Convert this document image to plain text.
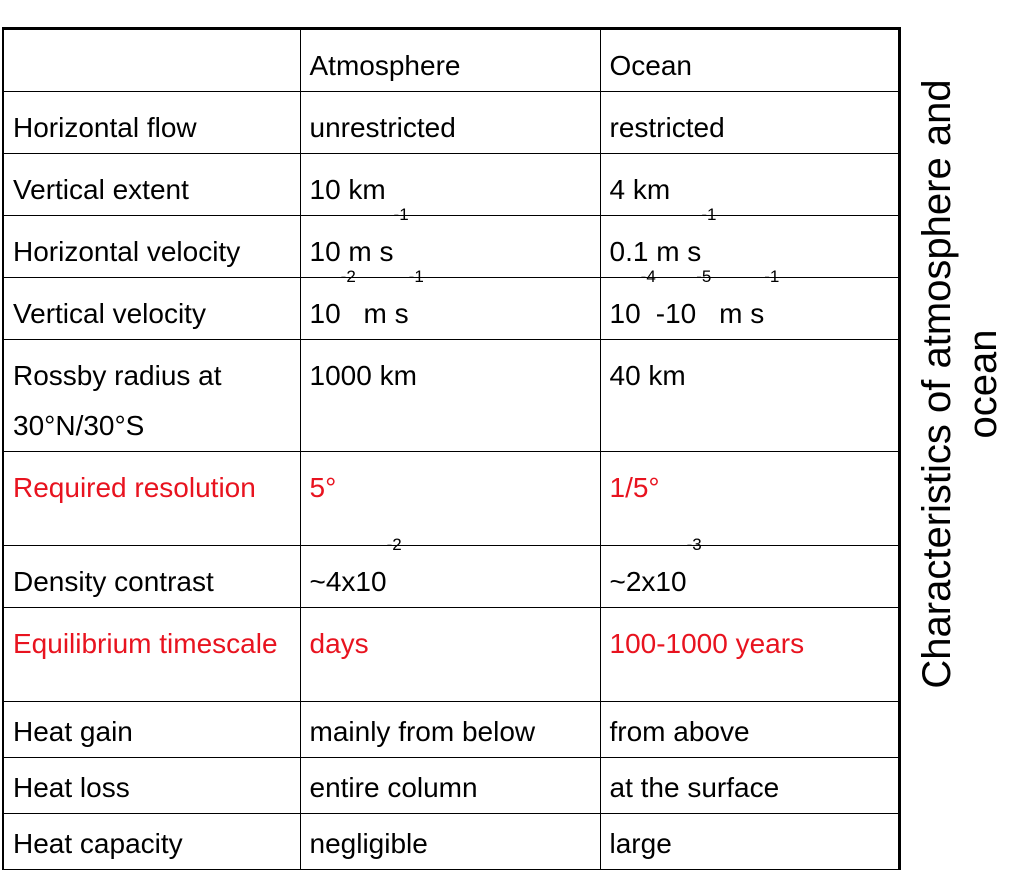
	Atmosphere	Ocean
Horizontal flow	unrestricted	restricted
Vertical extent	10 km	4 km
Horizontal velocity	10 m $s^{-1}$	0.1 m $s^{-1}$
Vertical velocity	$10^{-2}$ m $s^{-1}$	$10^{-4}-10^{-5}$ m $s^{-1}$
Rossby radius at 30°N/30°S	1000 km	40 km
Required resolution	5°	1/5°
Density contrast	$\sim 4x10^{-2}$	$\sim 2x10^{-3}$
Equilibrium timescale	days	100-1000 years
Heat gain	mainly from below	from above
Heat loss	entire column	at the surface
Heat capacity	negligible	large
Characteristics of atmosphere and ocean
